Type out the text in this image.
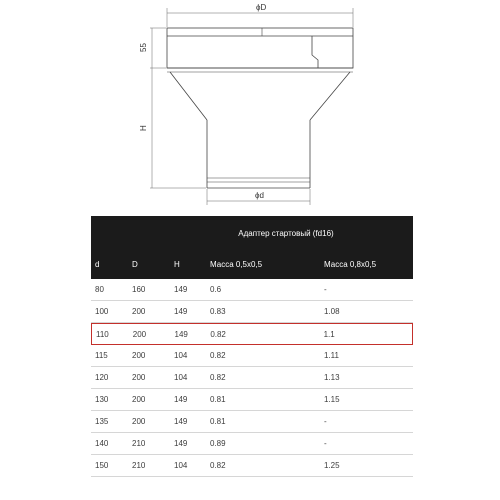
ϕD
55
H
ϕd
Адаптер стартовый (fd16)
d	D	H	Масса 0,5х0,5	Масса 0,8х0,5
80	160	149	0.6	-
100	200	149	0.83	1.08
110	200	149	0.82	1.1
115	200	104	0.82	1.11
120	200	104	0.82	1.13
130	200	149	0.81	1.15
135	200	149	0.81	-
140	210	149	0.89	-
150	210	104	0.82	1.25
